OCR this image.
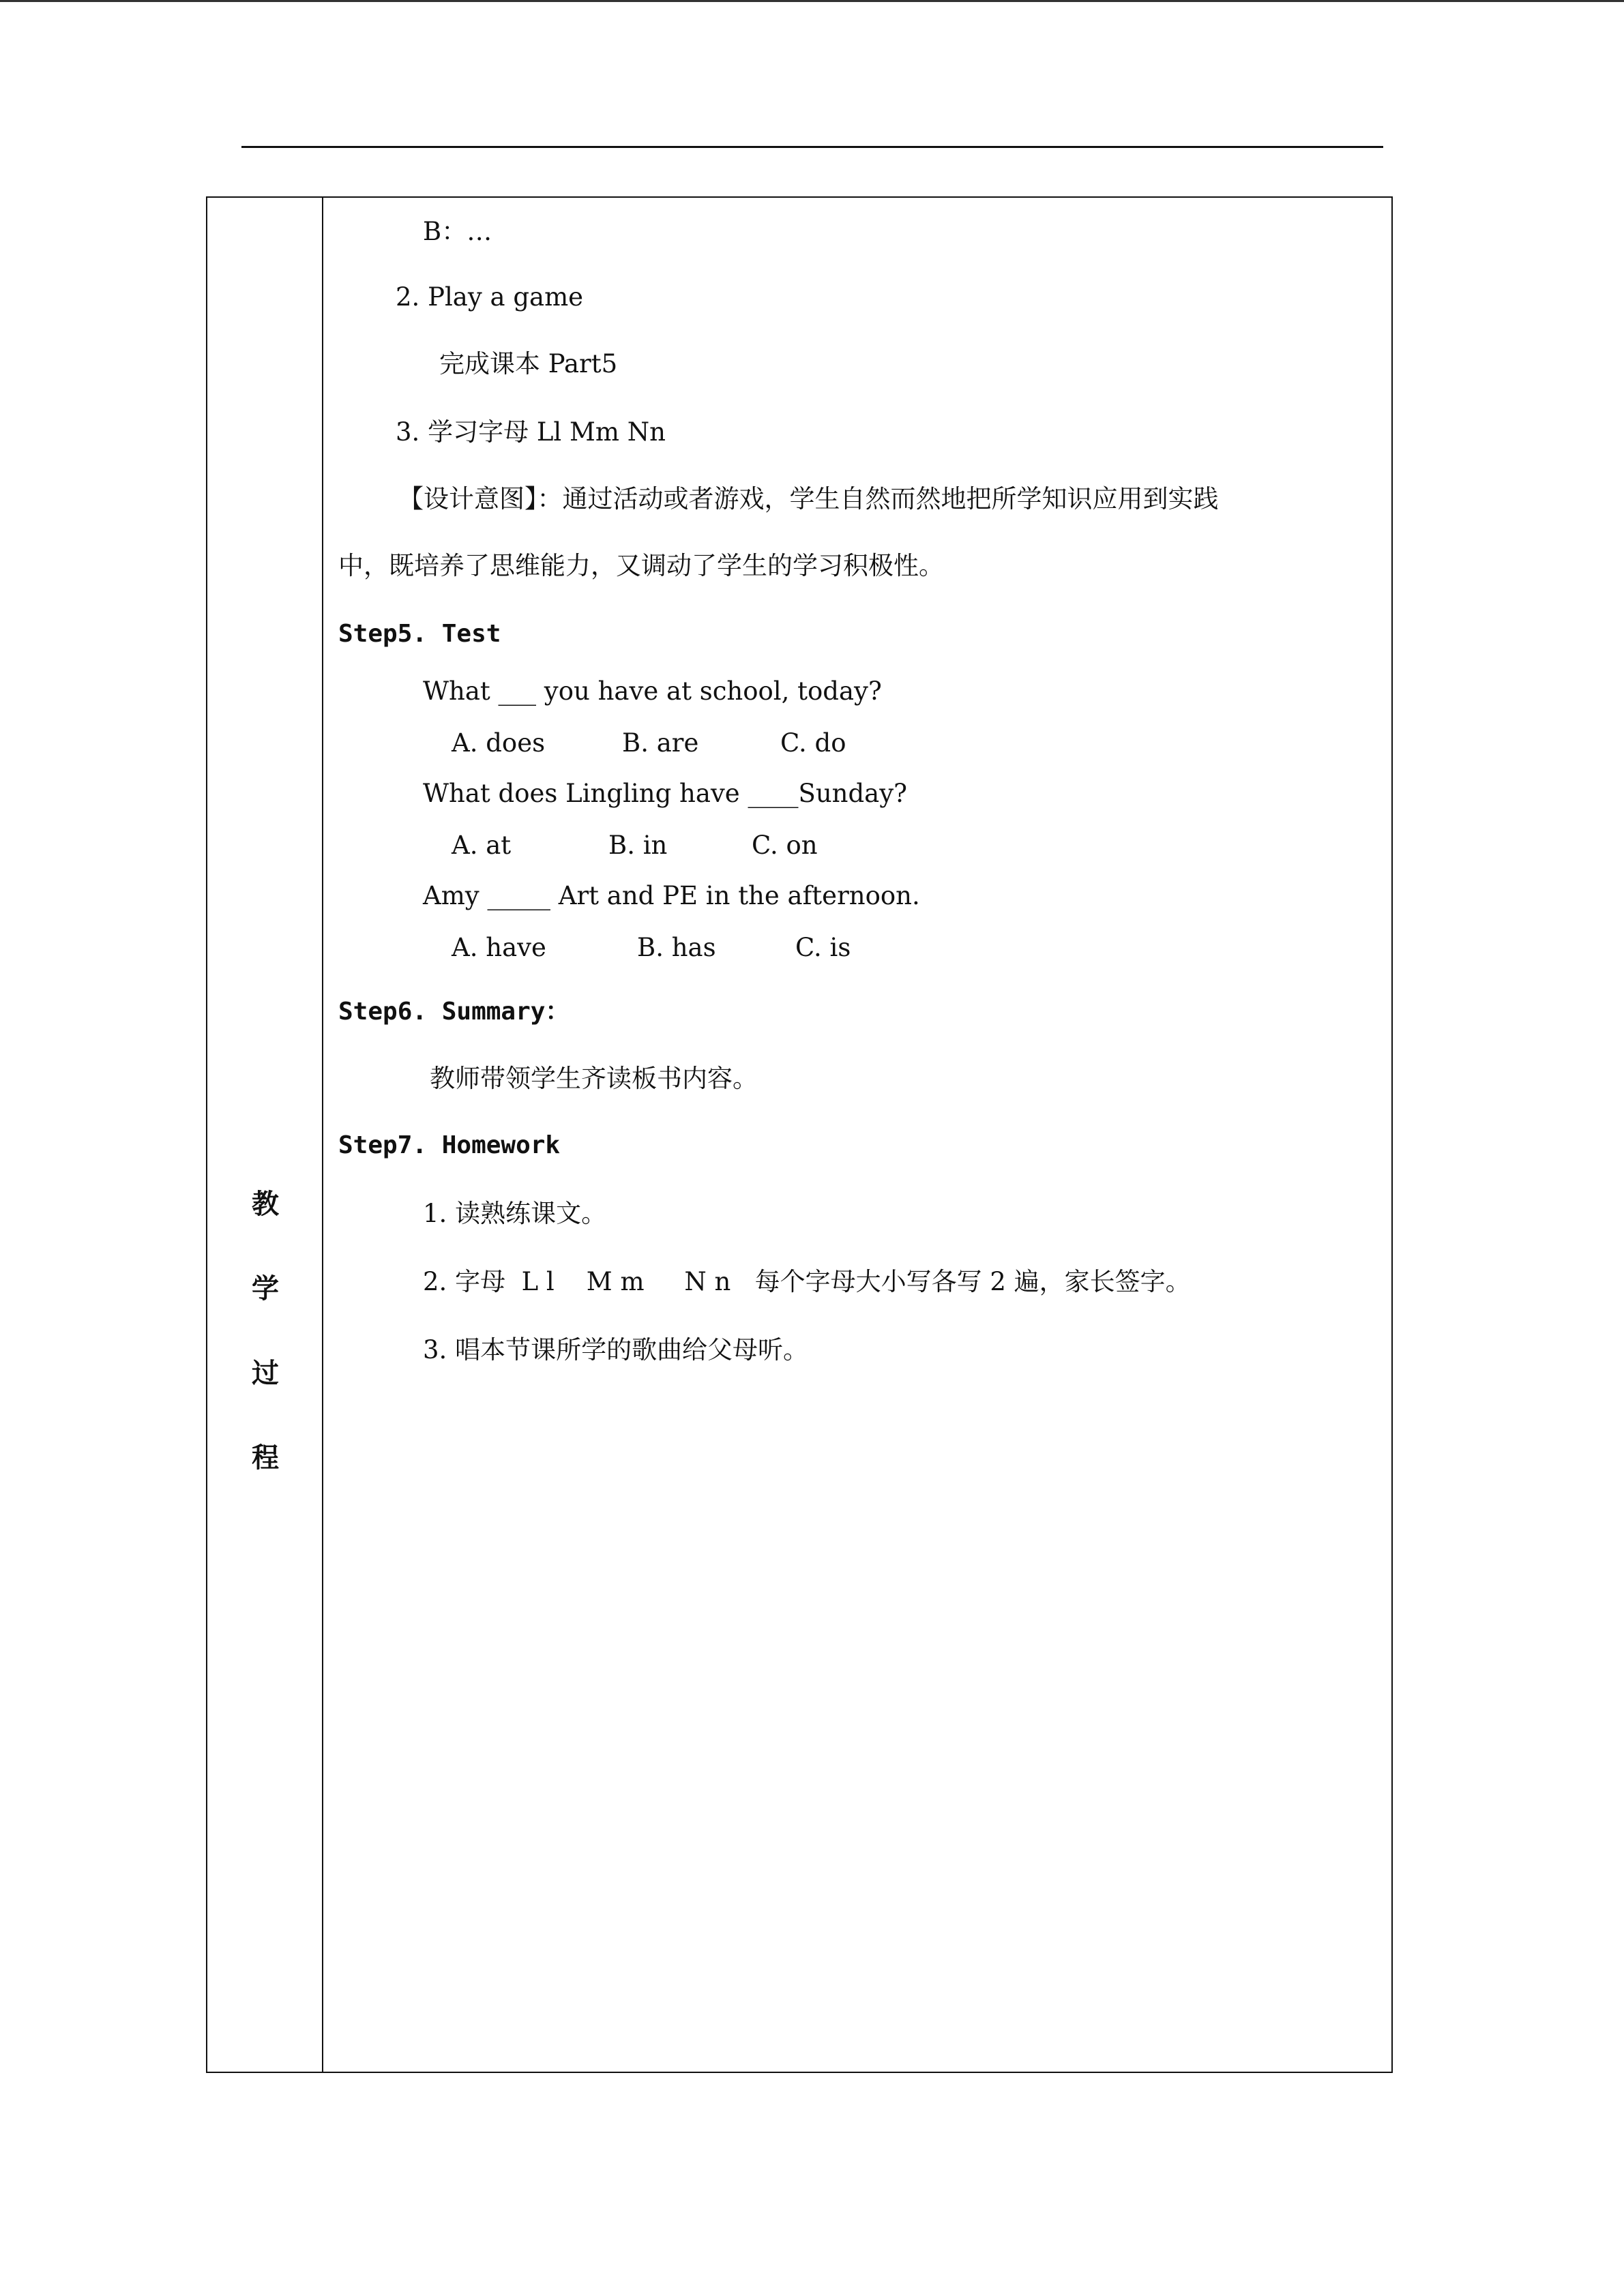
教
学
过
程
B：…
2. Play a game
完成课本 Part5
3. 学习字母 Ll Mm Nn
【设计意图】：通过活动或者游戏，学生自然而然地把所学知识应用到实践
中，既培养了思维能力，又调动了学生的学习积极性。
Step5. Test
What ___ you have at school, today?

A. does

	B. are

	C. do

What does Lingling have ____Sunday?

A. at

	B. in

	C. on

Amy _____ Art and PE in the afternoon.

A. have

	B. has

	C. is

Step6. Summary：
教师带领学生齐读板书内容。
Step7. Homework
1. 读熟练课文。
2. 字母  L l    M m     N n   每个字母大小写各写 2 遍，家长签字。
3. 唱本节课所学的歌曲给父母听。
